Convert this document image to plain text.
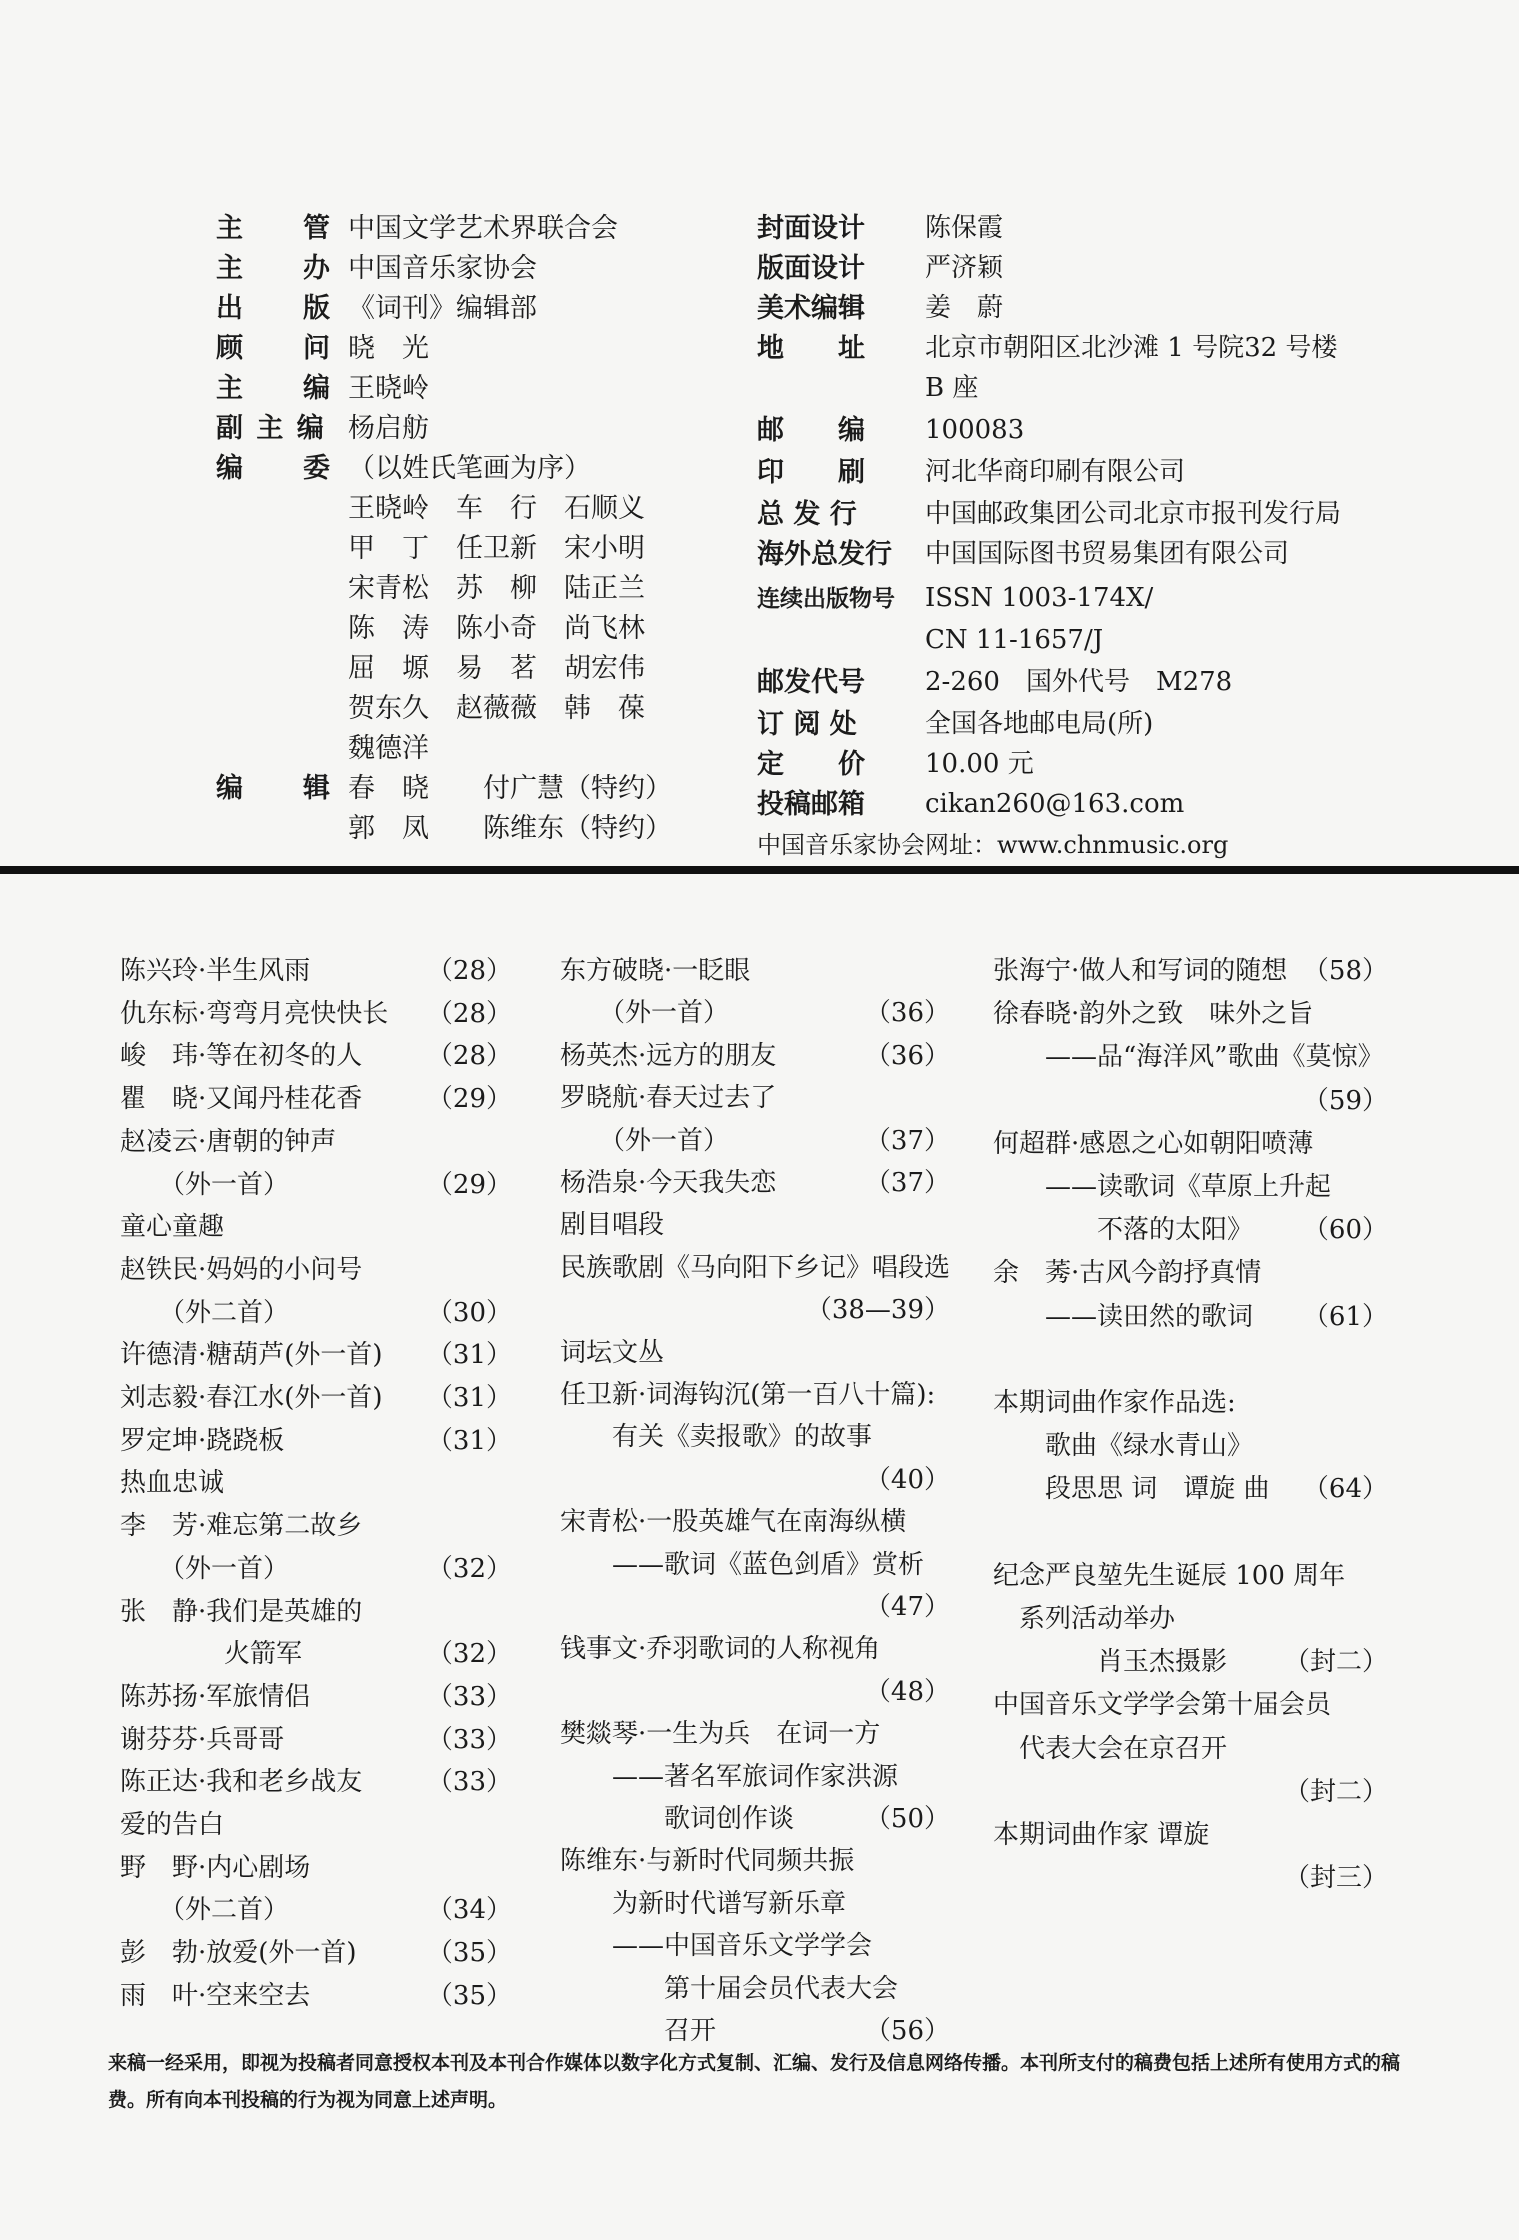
主　　管 中国文学艺术界联合会
主　　办 中国音乐家协会
出　　版 《词刊》编辑部
顾　　问 晓　光
主　　编 王晓岭
副 主 编 杨启舫
编　　委 （以姓氏笔画为序）
王晓岭　车　行　石顺义
甲　丁　任卫新　宋小明
宋青松　苏　柳　陆正兰
陈　涛　陈小奇　尚飞林
屈　塬　易　茗　胡宏伟
贺东久　赵薇薇　韩　葆
魏德洋
编　　辑 春　晓　　付广慧（特约）
郭　凤　　陈维东（特约）
封面设计 陈保霞
版面设计 严济颖
美术编辑 姜　蔚
地　　址 北京市朝阳区北沙滩 1 号院32 号楼
B 座
邮　　编 100083
印　　刷 河北华商印刷有限公司
总 发 行	中国邮政集团公司北京市报刊发行局
海外总发行 中国国际图书贸易集团有限公司
连续出版物号 ISSN 1003-174X/
CN 11-1657/J
邮发代号 2-260　国外代号　M278
订 阅 处	全国各地邮电局(所)
定　　价 10.00 元
投稿邮箱 cikan260@163.com
中国音乐家协会网址：www.chnmusic.org
陈兴玲·半生风雨	（28）
仇东标·弯弯月亮快快长 （28）
峻　玮·等在初冬的人 （28）
瞿　晓·又闻丹桂花香 （29）
赵凌云·唐朝的钟声
　　（外一首）	（29）
童心童趣
赵铁民·妈妈的小问号
　　（外二首）	（30）
许德清·糖葫芦(外一首) （31）
刘志毅·春江水(外一首) （31）
罗定坤·跷跷板	（31）
热血忠诚
李　芳·难忘第二故乡
　　（外一首）	（32）
张　静·我们是英雄的
　　　　火箭军	（32）
陈苏扬·军旅情侣	（33）
谢芬芬·兵哥哥	（33）
陈正达·我和老乡战友 （33）
爱的告白
野　野·内心剧场
　　（外二首）	（34）
彭　勃·放爱(外一首)	（35）
雨　叶·空来空去	（35）
东方破晓·一眨眼
　　（外一首）	（36）
杨英杰·远方的朋友	（36）
罗晓航·春天过去了
　　（外一首）	（37）
杨浩泉·今天我失恋	（37）
剧目唱段
民族歌剧《马向阳下乡记》唱段选
（38—39）
词坛文丛
任卫新·词海钩沉(第一百八十篇):
　　有关《卖报歌》的故事
（40）
宋青松·一股英雄气在南海纵横
　　——歌词《蓝色剑盾》赏析
（47）
钱事文·乔羽歌词的人称视角
（48）
樊燚琴·一生为兵　在词一方
　　——著名军旅词作家洪源
　　　　歌词创作谈	（50）
陈维东·与新时代同频共振
　　为新时代谱写新乐章
　　——中国音乐文学学会
　　　　第十届会员代表大会
　　　　召开	（56）
张海宁·做人和写词的随想 （58）
徐春晓·韵外之致　味外之旨
　　——品“海洋风”歌曲《莫惊》
（59）
何超群·感恩之心如朝阳喷薄
　　——读歌词《草原上升起
　　　　不落的太阳》 （60）
余　莠·古风今韵抒真情
　　——读田然的歌词 （61）
本期词曲作家作品选:
　　歌曲《绿水青山》
　　段思思 词　谭旋 曲 （64）
纪念严良堃先生诞辰 100 周年
　系列活动举办
　　　　肖玉杰摄影 （封二）
中国音乐文学学会第十届会员
　代表大会在京召开
（封二）
本期词曲作家 谭旋
（封三）
来稿一经采用，即视为投稿者同意授权本刊及本刊合作媒体以数字化方式复制、汇编、发行及信息网络传播。本刊所支付的稿费包括上述所有使用方式的稿费。所有向本刊投稿的行为视为同意上述声明。
